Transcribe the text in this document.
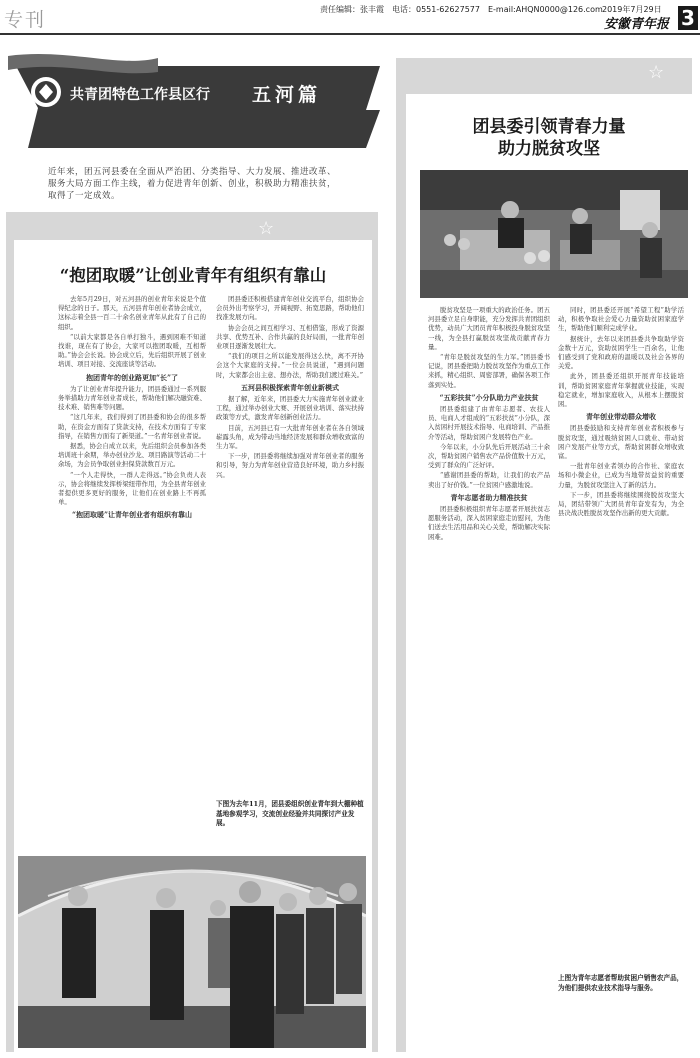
专刊	责任编辑：张丰霞　电话：0551-62627577　E-mail:AHQN0000@126.com 2019年7月29日
安徽青年报 3
共青团特色工作县区行 五河篇
近年来，团五河县委在全面从严治团、分类指导、大力发展、推进改革、服务大局方面工作主线，着力促进青年创新、创业，积极助力精准扶贫，取得了一定成效。
☆
“抱团取暖”让创业青年有组织有靠山

去年5月29日，对五河县的创业青年来说是个值得纪念的日子。那天，五河县青年创业者协会成立，这标志着全县一百二十余名创业青年从此有了自己的组织。

“以前大家都是各自单打独斗，遇到困难不知道找谁，现在有了协会，大家可以抱团取暖，互相帮助。”协会会长说。协会成立后，先后组织开展了创业培训、项目对接、交流座谈等活动。

抱团青年的创业路更加“长”了

为了让创业青年提升能力，团县委通过一系列服务举措助力青年创业者成长，帮助他们解决融资难、技术难、销售难等问题。

“这几年来，我们得到了团县委和协会的很多帮助，在资金方面有了贷款支持，在技术方面有了专家指导，在销售方面有了新渠道。”一名青年创业者说。

据悉，协会自成立以来，先后组织会员参加各类培训班十余期，举办创业沙龙、项目路演等活动二十余场，为会员争取创业担保贷款数百万元。

“一个人走得快，一群人走得远。”协会负责人表示，协会将继续发挥桥梁纽带作用，为全县青年创业者提供更多更好的服务，让他们在创业路上不再孤单。

“抱团取暖”让青年创业者有组织有靠山

团县委还积极搭建青年创业交流平台，组织协会会员外出考察学习，开阔视野、拓宽思路，帮助他们找准发展方向。

协会会员之间互相学习、互相借鉴，形成了资源共享、优势互补、合作共赢的良好局面，一批青年创业项目逐渐发展壮大。

“我们的项目之所以能发展得这么快，离不开协会这个大家庭的支持。”一位会员说道，“遇到问题时，大家都会出主意、想办法，帮助我们渡过难关。”

五河县积极探索青年创业新模式

据了解，近年来，团县委大力实施青年创业就业工程，通过举办创业大赛、开展创业培训、落实扶持政策等方式，激发青年创新创业活力。

目前，五河县已有一大批青年创业者在各自领域崭露头角，成为带动当地经济发展和群众增收致富的生力军。

下一步，团县委将继续加强对青年创业者的服务和引导，努力为青年创业营造良好环境，助力乡村振兴。

下图为去年11月，团县委组织创业青年到大棚种植基地参观学习，交流创业经验并共同探讨产业发展。
☆
团县委引领青春力量
助力脱贫攻坚

脱贫攻坚是一项重大的政治任务。团五河县委立足自身职能，充分发挥共青团组织优势，动员广大团员青年积极投身脱贫攻坚一线，为全县打赢脱贫攻坚战贡献青春力量。

“青年是脱贫攻坚的生力军。”团县委书记说，团县委把助力脱贫攻坚作为重点工作来抓，精心组织、周密部署，确保各项工作落到实处。

“五彩扶贫”小分队助力产业扶贫

团县委组建了由青年志愿者、农技人员、电商人才组成的“五彩扶贫”小分队，深入贫困村开展技术指导、电商培训、产品推介等活动，帮助贫困户发展特色产业。

今年以来，小分队先后开展活动三十余次，帮助贫困户销售农产品价值数十万元，受到了群众的广泛好评。

“感谢团县委的帮助，让我们的农产品卖出了好价钱。”一位贫困户感激地说。

青年志愿者助力精准扶贫

团县委积极组织青年志愿者开展扶贫志愿服务活动，深入贫困家庭走访慰问，为他们送去生活用品和关心关爱，帮助解决实际困难。

同时，团县委还开展“希望工程”助学活动，积极争取社会爱心力量资助贫困家庭学生，帮助他们顺利完成学业。

据统计，去年以来团县委共争取助学资金数十万元，资助贫困学生一百余名，让他们感受到了党和政府的温暖以及社会各界的关爱。

此外，团县委还组织开展青年技能培训，帮助贫困家庭青年掌握就业技能，实现稳定就业，增加家庭收入，从根本上摆脱贫困。

青年创业带动群众增收

团县委鼓励和支持青年创业者积极参与脱贫攻坚，通过吸纳贫困人口就业、带动贫困户发展产业等方式，帮助贫困群众增收致富。

一批青年创业者领办的合作社、家庭农场和小微企业，已成为当地带贫益贫的重要力量，为脱贫攻坚注入了新的活力。

下一步，团县委将继续围绕脱贫攻坚大局，团结带领广大团员青年奋发有为，为全县决战决胜脱贫攻坚作出新的更大贡献。

上图为青年志愿者帮助贫困户销售农产品，为他们提供农业技术指导与服务。
